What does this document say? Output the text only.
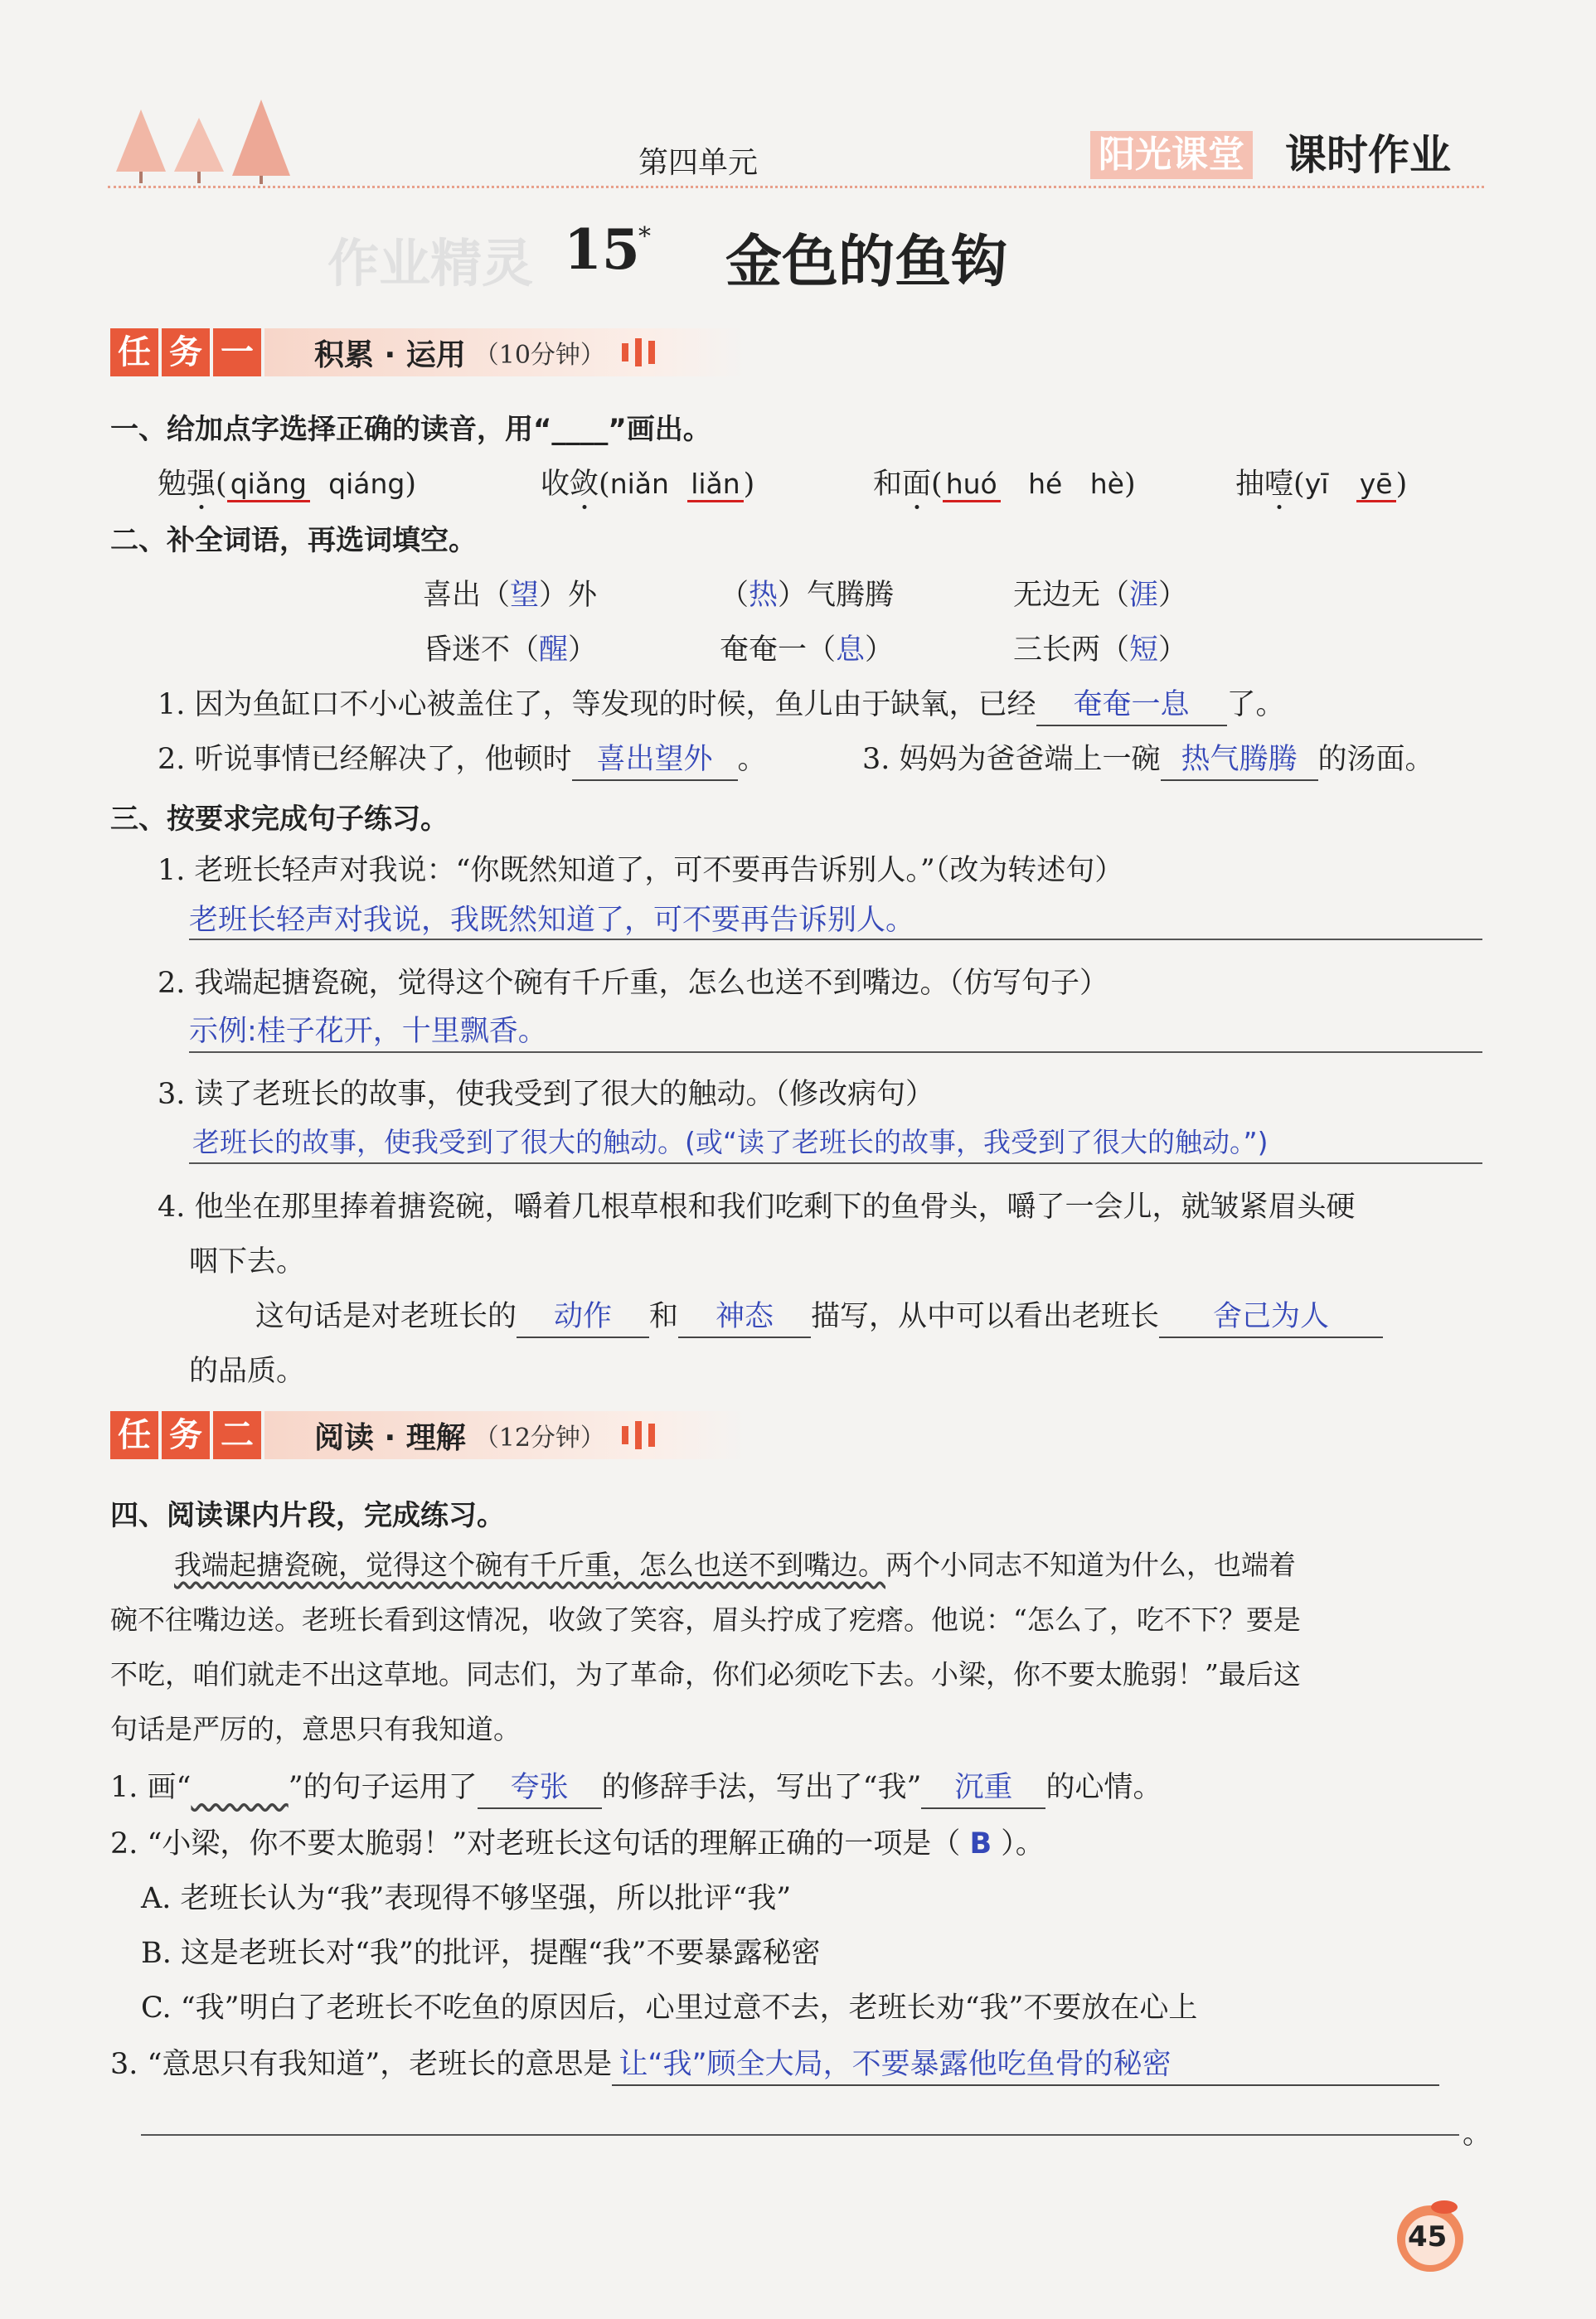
第四单元	阳光课堂 课时作业
作业精灵 15
* 金色的鱼钩
任 务 一 积累 · 运用 （10分钟）
一、给加点字选择正确的读音，用“____”画出。
勉强( qiǎng qiáng)	收敛(niǎn liǎn )	和面( huó hé hè)	抽噎(yī yē )
二、补全词语，再选词填空。
喜出（望）外	（热）气腾腾	无边无（涯）
昏迷不（醒）	奄奄一（息）	三长两（短）
1. 因为鱼缸口不小心被盖住了，等发现的时候，鱼儿由于缺氧，已经 奄奄一息 了。
2. 听说事情已经解决了，他顿时 喜出望外 。	3. 妈妈为爸爸端上一碗 热气腾腾 的汤面。
三、按要求完成句子练习。
1. 老班长轻声对我说：“你既然知道了，可不要再告诉别人。”（改为转述句）
老班长轻声对我说，我既然知道了，可不要再告诉别人。
2. 我端起搪瓷碗，觉得这个碗有千斤重，怎么也送不到嘴边。（仿写句子）
示例:桂子花开，十里飘香。
3. 读了老班长的故事，使我受到了很大的触动。（修改病句）
老班长的故事，使我受到了很大的触动。(或“读了老班长的故事，我受到了很大的触动。”)
4. 他坐在那里捧着搪瓷碗，嚼着几根草根和我们吃剩下的鱼骨头，嚼了一会儿，就皱紧眉头硬
咽下去。
这句话是对老班长的 动作 和 神态 描写，从中可以看出老班长 舍己为人
的品质。
任 务 二 阅读 · 理解 （12分钟）
四、阅读课内片段，完成练习。
我端起搪瓷碗，觉得这个碗有千斤重，怎么也送不到嘴边。两个小同志不知道为什么，也端着
碗不往嘴边送。老班长看到这情况，收敛了笑容，眉头拧成了疙瘩。他说：“怎么了，吃不下？要是
不吃，咱们就走不出这草地。同志们，为了革命，你们必须吃下去。小梁，你不要太脆弱！”最后这
句话是严厉的，意思只有我知道。
1. 画“~~~~”的句子运用了 夸张 的修辞手法，写出了“我” 沉重 的心情。
2. “小梁，你不要太脆弱！”对老班长这句话的理解正确的一项是（ B ）。
A. 老班长认为“我”表现得不够坚强，所以批评“我”
B. 这是老班长对“我”的批评，提醒“我”不要暴露秘密
C. “我”明白了老班长不吃鱼的原因后，心里过意不去，老班长劝“我”不要放在心上
3. “意思只有我知道”，老班长的意思是 让“我”顾全大局，不要暴露他吃鱼骨的秘密
。
45
